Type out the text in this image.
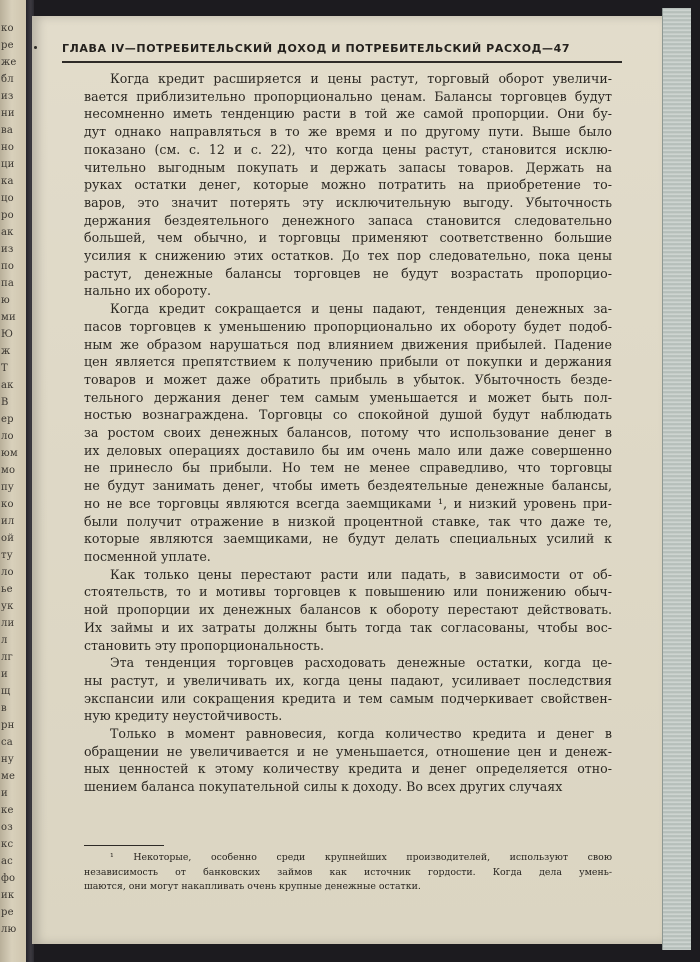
ко
ре
же
бл
из
ни
ва
но
ци
ка
цо
ро
ак
из
по
па
ю
ми
Ю
ж
Т
ак
В
ер
ло
юм
мо
пу
ко
ил
ой
ту
ло
ье
ук
ли
л
лг
и
щ
в
рн
са
ну
ме
и
ке
оз
кс
ас
фо
ик
ре
лю
ГЛАВА IV—ПОТРЕБИТЕЛЬСКИЙ ДОХОД И ПОТРЕБИТЕЛЬСКИЙ РАСХОД—47
Когда кредит расширяется и цены растут, торговый оборот увеличи-
вается приблизительно пропорционально ценам. Балансы торговцев будут
несомненно иметь тенденцию расти в той же самой пропорции. Они бу-
дут однако направляться в то же время и по другому пути. Выше было
показано (см. с. 12 и с. 22), что когда цены растут, становится исклю-
чительно выгодным покупать и держать запасы товаров. Держать на
руках остатки денег, которые можно потратить на приобретение то-
варов, это значит потерять эту исключительную выгоду. Убыточность
держания бездеятельного денежного запаса становится следовательно
большей, чем обычно, и торговцы применяют соответственно большие
усилия к снижению этих остатков. До тех пор следовательно, пока цены
растут, денежные балансы торговцев не будут возрастать пропорцио-
нально их обороту.
Когда кредит сокращается и цены падают, тенденция денежных за-
пасов торговцев к уменьшению пропорционально их обороту будет подоб-
ным же образом нарушаться под влиянием движения прибылей. Падение
цен является препятствием к получению прибыли от покупки и держания
товаров и может даже обратить прибыль в убыток. Убыточность безде-
тельного держания денег тем самым уменьшается и может быть пол-
ностью вознаграждена. Торговцы со спокойной душой будут наблюдать
за ростом своих денежных балансов, потому что использование денег в
их деловых операциях доставило бы им очень мало или даже совершенно
не принесло бы прибыли. Но тем не менее справедливо, что торговцы
не будут занимать денег, чтобы иметь бездеятельные денежные балансы,
но не все торговцы являются всегда заемщиками ¹, и низкий уровень при-
были получит отражение в низкой процентной ставке, так что даже те,
которые являются заемщиками, не будут делать специальных усилий к
посменной уплате.
Как только цены перестают расти или падать, в зависимости от об-
стоятельств, то и мотивы торговцев к повышению или понижению обыч-
ной пропорции их денежных балансов к обороту перестают действовать.
Их займы и их затраты должны быть тогда так согласованы, чтобы вос-
становить эту пропорциональность.
Эта тенденция торговцев расходовать денежные остатки, когда це-
ны растут, и увеличивать их, когда цены падают, усиливает последствия
экспансии или сокращения кредита и тем самым подчеркивает свойствен-
ную кредиту неустойчивость.
Только в момент равновесия, когда количество кредита и денег в
обращении не увеличивается и не уменьшается, отношение цен и денеж-
ных ценностей к этому количеству кредита и денег определяется отно-
шением баланса покупательной силы к доходу. Во всех других случаях
¹ Некоторые, особенно среди крупнейших производителей, используют свою
независимость от банковских займов как источник гордости. Когда дела умень-
шаются, они могут накапливать очень крупные денежные остатки.
